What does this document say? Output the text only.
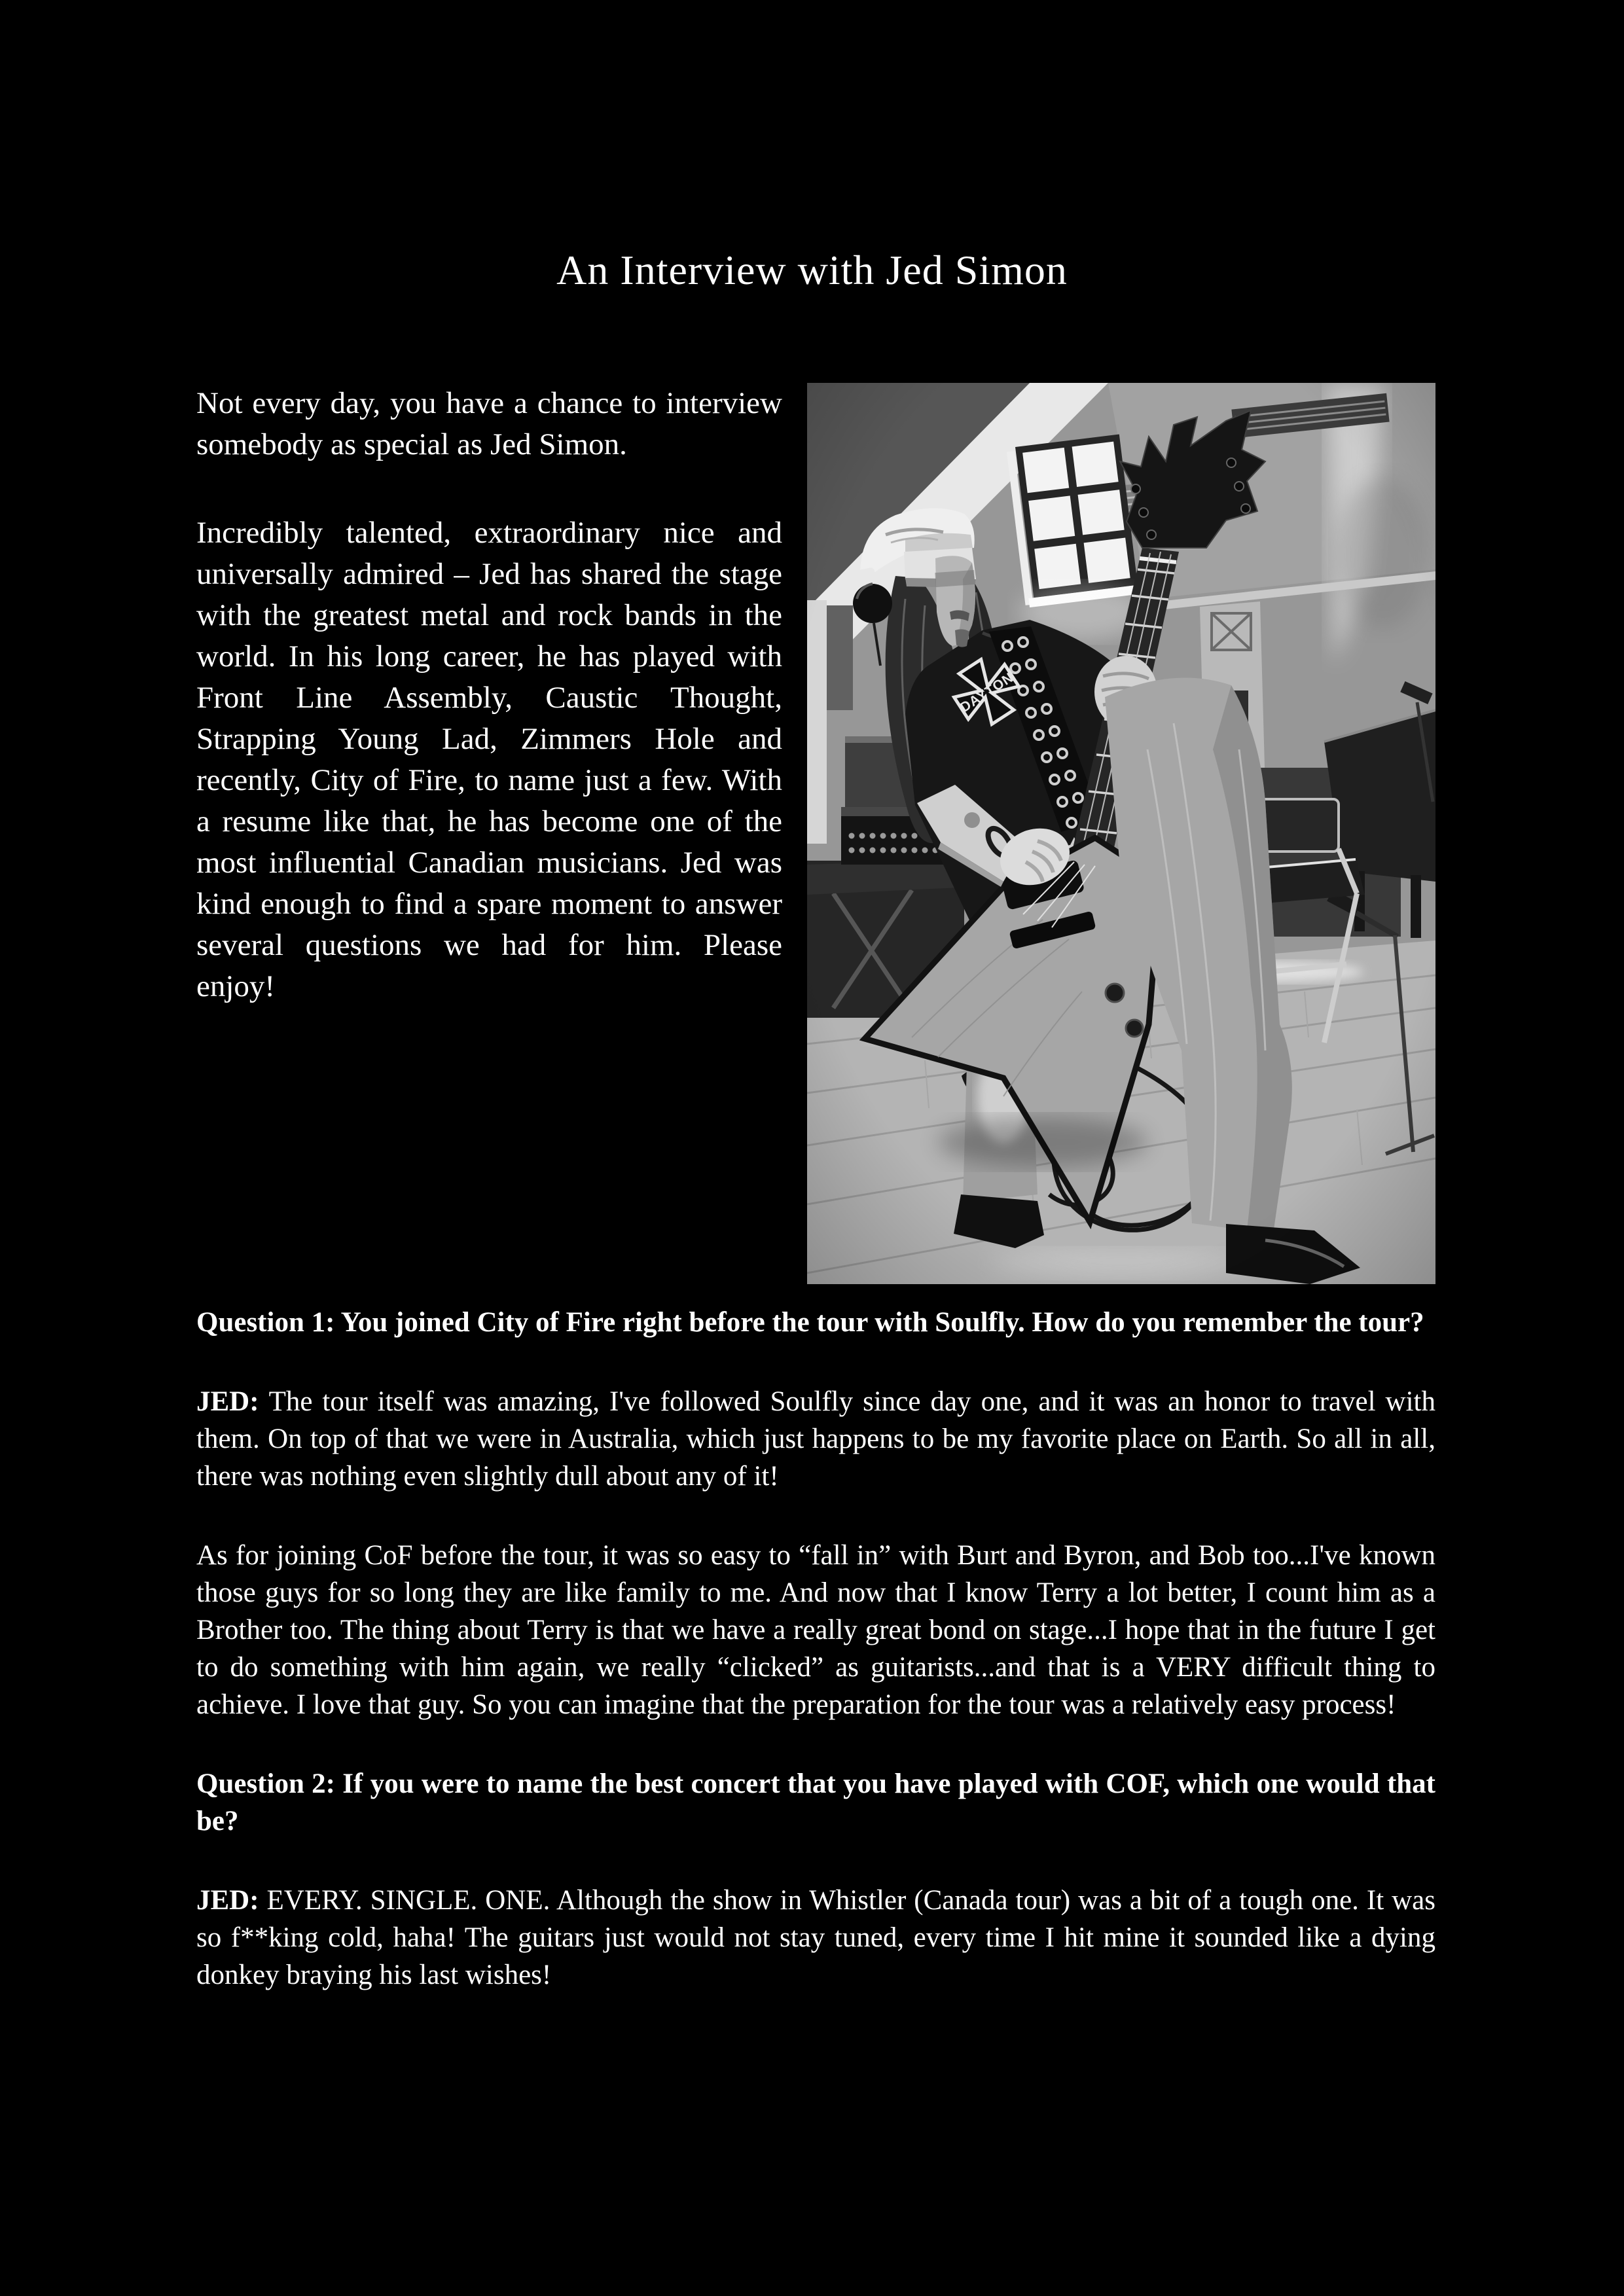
An Interview with Jed Simon

Not every day, you have a chance to interview somebody as special as Jed Simon.

Incredibly talented, extraordinary nice and universally admired – Jed has shared the stage with the greatest metal and rock bands in the world. In his long career, he has played with Front Line Assembly, Caustic Thought, Strapping Young Lad, Zimmers Hole and recently, City of Fire, to name just a few. With a resume like that, he has become one of the most influential Canadian musicians. Jed was kind enough to find a spare moment to answer several questions we had for him. Please enjoy!

Question 1: You joined City of Fire right before the tour with Soulfly. How do you remember the tour?

JED: The tour itself was amazing, I've followed Soulfly since day one, and it was an honor to travel with them. On top of that we were in Australia, which just happens to be my favorite place on Earth. So all in all, there was nothing even slightly dull about any of it!

As for joining CoF before the tour, it was so easy to “fall in” with Burt and Byron, and Bob too...I've known those guys for so long they are like family to me. And now that I know Terry a lot better, I count him as a Brother too. The thing about Terry is that we have a really great bond on stage...I hope that in the future I get to do something with him again, we really “clicked” as guitarists...and that is a VERY difficult thing to achieve. I love that guy. So you can imagine that the preparation for the tour was a relatively easy process!

Question 2: If you were to name the best concert that you have played with COF, which one would that be?

JED: EVERY. SINGLE. ONE. Although the show in Whistler (Canada tour) was a bit of a tough one. It was so f**king cold, haha! The guitars just would not stay tuned, every time I hit mine it sounded like a dying donkey braying his last wishes!
